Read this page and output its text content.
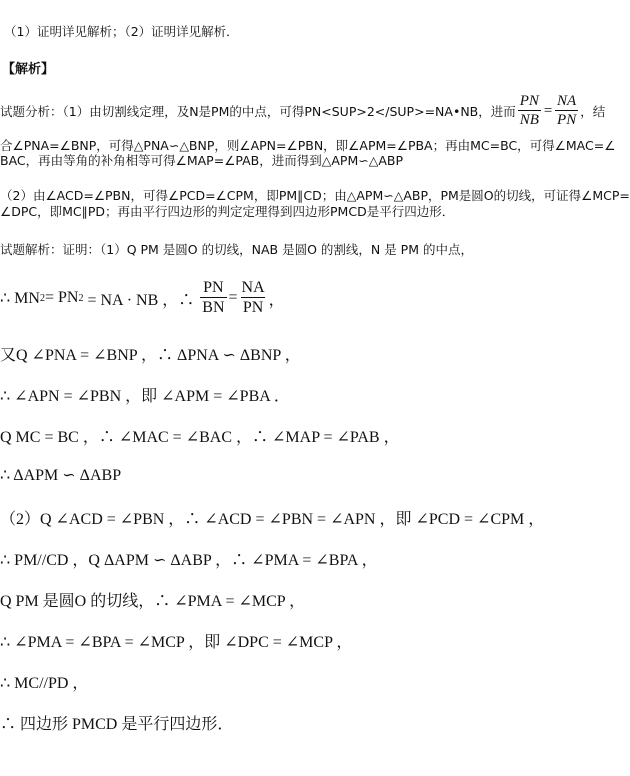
（1）证明详见解析；（2）证明详见解析．
【解析】
试题分析：（1）由切割线定理，及N是PM的中点，可得PN<SUP>2</SUP>=NA•NB，进而 $\frac{PN}{NB} = \frac{NA}{PN}$ ，结
合∠PNA=∠BNP，可得△PNA∽△BNP，则∠APN=∠PBN，即∠APM=∠PBA；再由MC=BC，可得∠MAC=∠
BAC，再由等角的补角相等可得∠MAP=∠PAB，进而得到△APM∽△ABP
（2）由∠ACD=∠PBN，可得∠PCD=∠CPM，即PM∥CD；由△APM∽△ABP，PM是圆O的切线，可证得∠MCP=
∠DPC，即MC∥PD；再由平行四边形的判定定理得到四边形PMCD是平行四边形．
试题解析：证明：（1）Q PM 是圆O 的切线，NAB 是圆O 的割线，N 是 PM 的中点，
∴ MN 2 = PN 2 = NA · NB ，∴ $\frac{PN}{BN} = \frac{NA}{PN}$ ，
又Q ∠PNA = ∠BNP ，∴ ΔPNA ∽ ΔBNP ，
∴ ∠APN = ∠PBN ，即 ∠APM = ∠PBA ．
Q MC = BC ，∴ ∠MAC = ∠BAC ，∴ ∠MAP = ∠PAB ，
∴ ΔAPM ∽ ΔABP
（2）Q ∠ACD = ∠PBN ，∴ ∠ACD = ∠PBN = ∠APN ，即 ∠PCD = ∠CPM ，
∴ PM//CD ，Q ΔAPM ∽ ΔABP ，∴ ∠PMA = ∠BPA ，
Q PM 是圆O 的切线，∴ ∠PMA = ∠MCP ，
∴ ∠PMA = ∠BPA = ∠MCP ，即 ∠DPC = ∠MCP ，
∴ MC//PD ，
∴ 四边形 PMCD 是平行四边形．
